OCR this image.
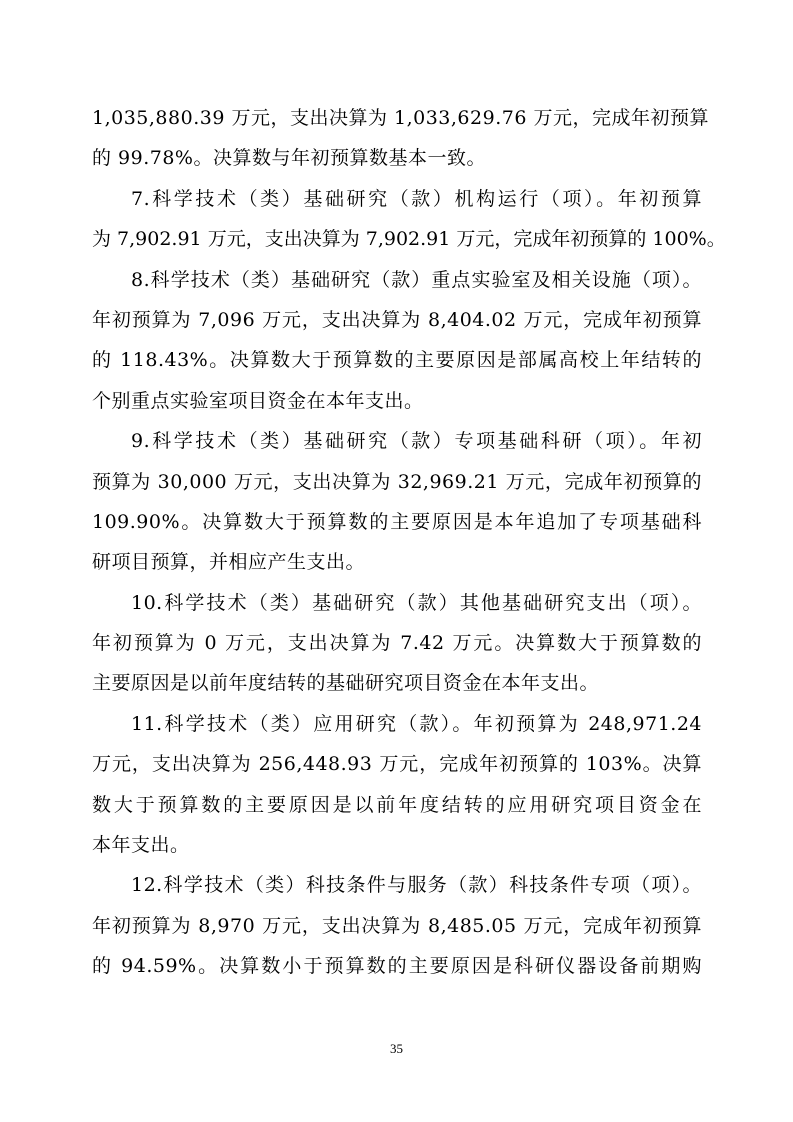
1,035,880.39 万元，支出决算为 1,033,629.76 万元，完成年初预算
的 99.78%。决算数与年初预算数基本一致。
7.科学技术（类）基础研究（款）机构运行（项）。年初预算
为 7,902.91 万元，支出决算为 7,902.91 万元，完成年初预算的 100%。
8.科学技术（类）基础研究（款）重点实验室及相关设施（项）。
年初预算为 7,096 万元，支出决算为 8,404.02 万元，完成年初预算
的 118.43%。决算数大于预算数的主要原因是部属高校上年结转的
个别重点实验室项目资金在本年支出。
9.科学技术（类）基础研究（款）专项基础科研（项）。年初
预算为 30,000 万元，支出决算为 32,969.21 万元，完成年初预算的
109.90%。决算数大于预算数的主要原因是本年追加了专项基础科
研项目预算，并相应产生支出。
10.科学技术（类）基础研究（款）其他基础研究支出（项）。
年初预算为 0 万元，支出决算为 7.42 万元。决算数大于预算数的
主要原因是以前年度结转的基础研究项目资金在本年支出。
11.科学技术（类）应用研究（款）。年初预算为 248,971.24
万元，支出决算为 256,448.93 万元，完成年初预算的 103%。决算
数大于预算数的主要原因是以前年度结转的应用研究项目资金在
本年支出。
12.科学技术（类）科技条件与服务（款）科技条件专项（项）。
年初预算为 8,970 万元，支出决算为 8,485.05 万元，完成年初预算
的 94.59%。决算数小于预算数的主要原因是科研仪器设备前期购
35
